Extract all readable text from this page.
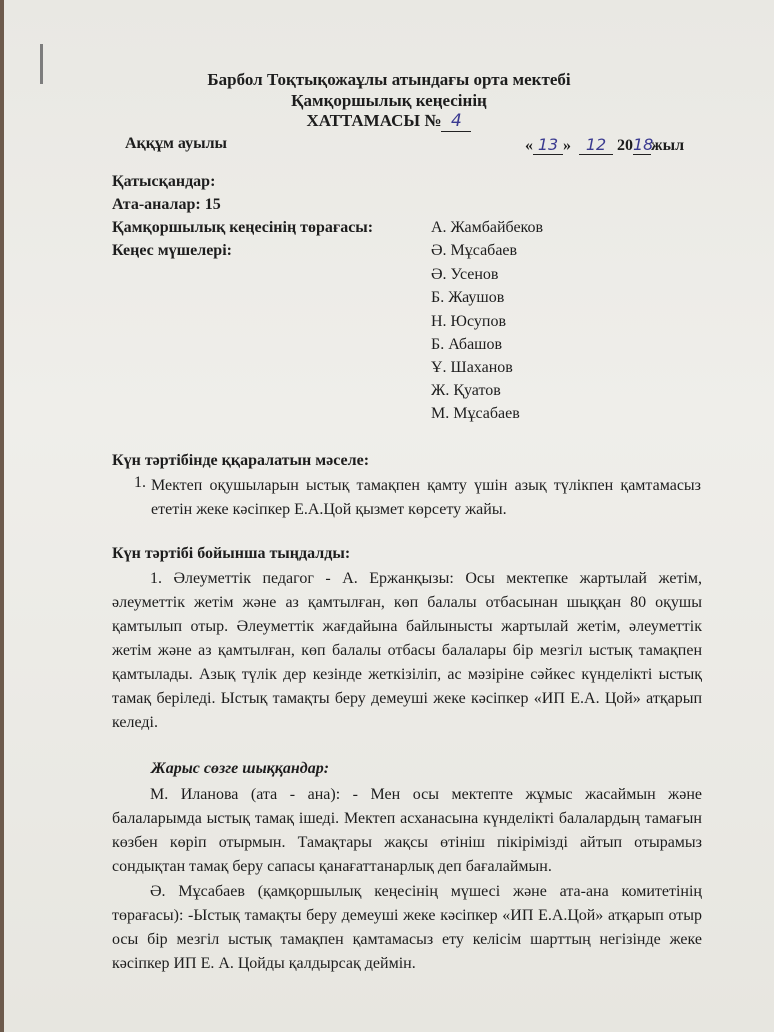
Барбол Тоқтықожаұлы атындағы орта мектебі
Қамқоршылық кеңесінің
ХАТТАМАСЫ № 4
Аққұм ауылы	« 13 » 12 2018жыл
Қатысқандар:
Ата-аналар: 15
Қамқоршылық кеңесінің төрағасы:	А. Жамбайбеков
Кеңес мүшелері:	Ә. Мұсабаев
Ә. Усенов
Б. Жаушов
Н. Юсупов
Б. Абашов
Ұ. Шаханов
Ж. Қуатов
М. Мұсабаев
Күн тәртібінде ққаралатын мәселе:
1. Мектеп оқушыларын ыстық тамақпен қамту үшін азық түлікпен қамтамасыз ететін жеке кәсіпкер Е.А.Цой қызмет көрсету жайы.
Күн тәртібі бойынша тыңдалды:

1. Әлеуметтік педагог - А. Ержанқызы: Осы мектепке жартылай жетім, әлеуметтік жетім және аз қамтылған, көп балалы отбасынан шыққан 80 оқушы қамтылып отыр. Әлеуметтік жағдайына байлынысты жартылай жетім, әлеуметтік жетім және аз қамтылған, көп балалы отбасы балалары бір мезгіл ыстық тамақпен қамтылады. Азық түлік дер кезінде жеткізіліп, ас мәзіріне сәйкес күнделікті ыстық тамақ беріледі. Ыстық тамақты беру демеуші жеке кәсіпкер «ИП Е.А. Цой» атқарып келеді.

Жарыс сөзге шыққандар:

М. Иланова (ата - ана): - Мен осы мектепте жұмыс жасаймын және балаларымда ыстық тамақ ішеді. Мектеп асханасына күнделікті балалардың тамағын көзбен көріп отырмын. Тамақтары жақсы өтініш пікірімізді айтып отырамыз сондықтан тамақ беру сапасы қанағаттанарлық деп бағалаймын.

Ә. Мұсабаев (қамқоршылық кеңесінің мүшесі және ата-ана комитетінің төрағасы): -Ыстық тамақты беру демеуші жеке кәсіпкер «ИП Е.А.Цой» атқарып отыр осы бір мезгіл ыстық тамақпен қамтамасыз ету келісім шарттың негізінде жеке кәсіпкер ИП Е. А. Цойды қалдырсақ деймін.
